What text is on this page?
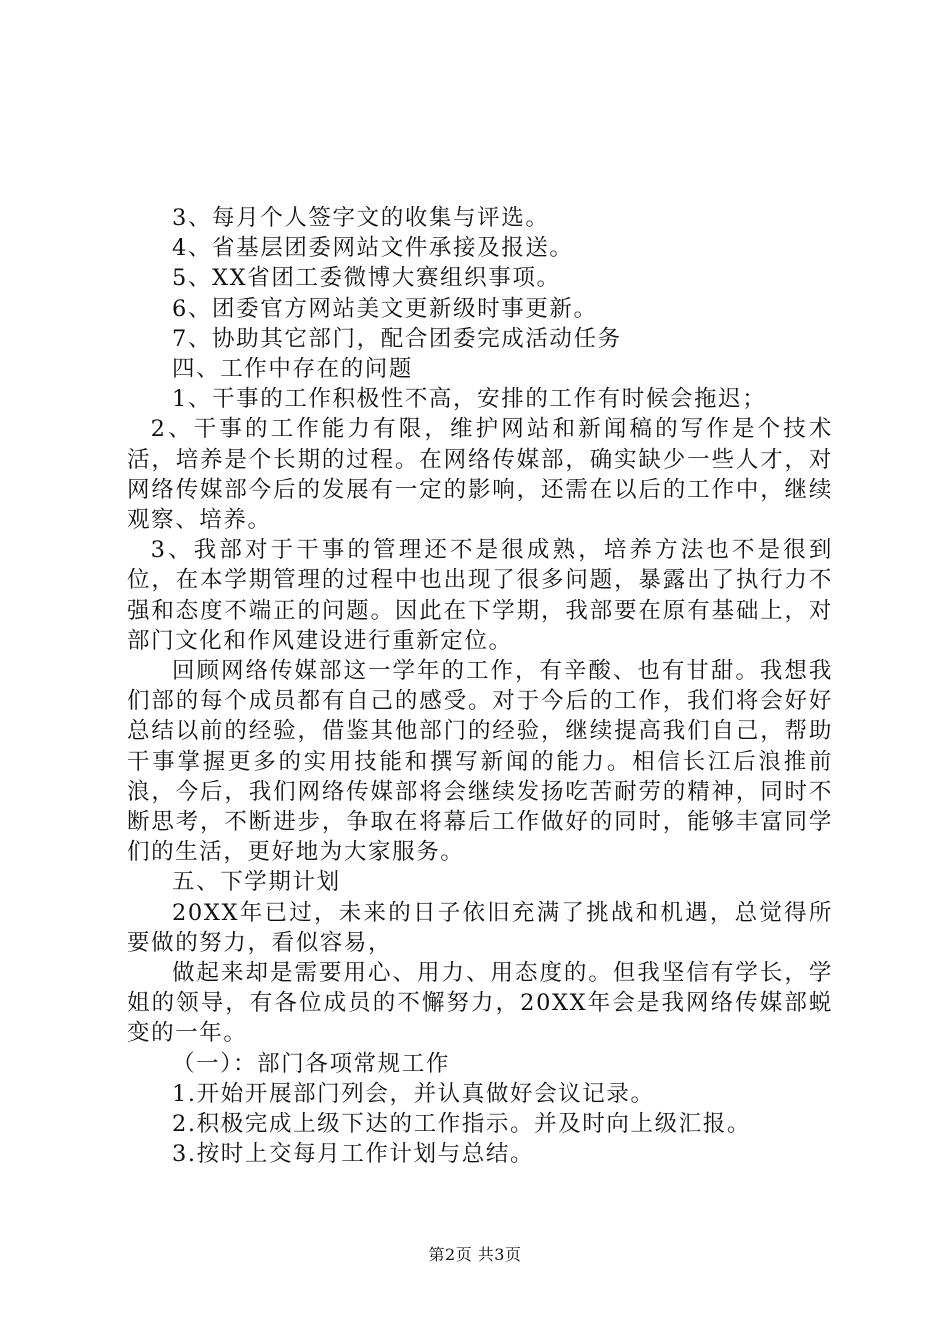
3、每月个人签字文的收集与评选。

4、省基层团委网站文件承接及报送。

5、XX省团工委微博大赛组织事项。

6、团委官方网站美文更新级时事更新。

7、协助其它部门，配合团委完成活动任务

四、工作中存在的问题

1、干事的工作积极性不高，安排的工作有时候会拖迟；

2、干事的工作能力有限，维护网站和新闻稿的写作是个技术活，培养是个长期的过程。在网络传媒部，确实缺少一些人才，对网络传媒部今后的发展有一定的影响，还需在以后的工作中，继续观察、培养。

3、我部对于干事的管理还不是很成熟，培养方法也不是很到位，在本学期管理的过程中也出现了很多问题，暴露出了执行力不强和态度不端正的问题。因此在下学期，我部要在原有基础上，对部门文化和作风建设进行重新定位。

回顾网络传媒部这一学年的工作，有辛酸、也有甘甜。我想我们部的每个成员都有自己的感受。对于今后的工作，我们将会好好总结以前的经验，借鉴其他部门的经验，继续提高我们自己，帮助干事掌握更多的实用技能和撰写新闻的能力。相信长江后浪推前浪，今后，我们网络传媒部将会继续发扬吃苦耐劳的精神，同时不断思考，不断进步，争取在将幕后工作做好的同时，能够丰富同学们的生活，更好地为大家服务。

五、下学期计划

20XX年已过，未来的日子依旧充满了挑战和机遇，总觉得所要做的努力，看似容易，

做起来却是需要用心、用力、用态度的。但我坚信有学长，学姐的领导，有各位成员的不懈努力，20XX年会是我网络传媒部蜕变的一年。

（一）：部门各项常规工作

1.开始开展部门列会，并认真做好会议记录。

2.积极完成上级下达的工作指示。并及时向上级汇报。

3.按时上交每月工作计划与总结。

第2页 共3页
